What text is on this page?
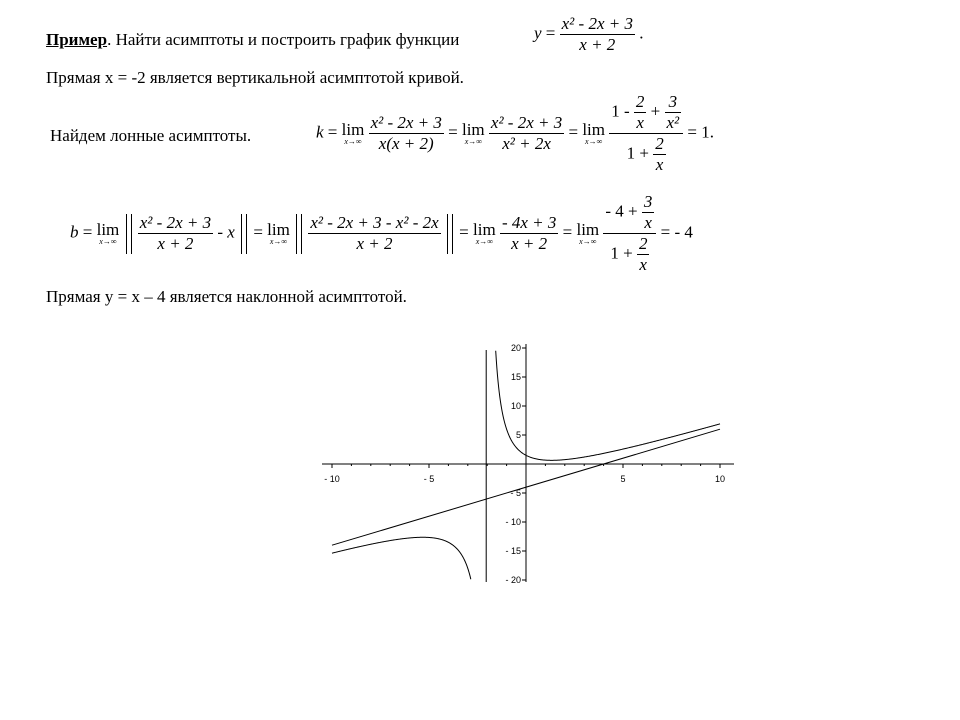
Пример. Найти асимптоты и построить график функции	$y = \frac{\text{x² - 2x + 3}}{x + 2}$ .
Прямая x = -2 является вертикальной асимптотой кривой.
Найдем лонные асимптоты.	k = lim
x→∞
$\frac{\text{x² - 2x + 3}}{x(x + 2)} = \lim$
x→∞
$\frac{\text{x² - 2x + 3}}{\text{x² + 2x}} = \lim$
x→∞
$\frac{1 - \frac{2}{x} + \frac{3}{\text{x²}}}{1 + \frac{2}{x}} = 1$.
b = lim
x→∞
$\frac{\text{x² - 2x + 3}}{x + 2} - x = \lim$
x→∞
$\frac{\text{x² - 2x + 3 - x² - 2x}}{x + 2} = \lim$
x→∞
$\frac{- 4x + 3}{x + 2} = \lim$
x→∞
$\frac{- 4 + \frac{3}{x}}{1 + \frac{2}{x}}$ = - 4
Прямая y = x – 4 является наклонной асимптотой.
- 10	- 5	5	10
20
15
10
5
- 5
- 10
- 15
- 20
